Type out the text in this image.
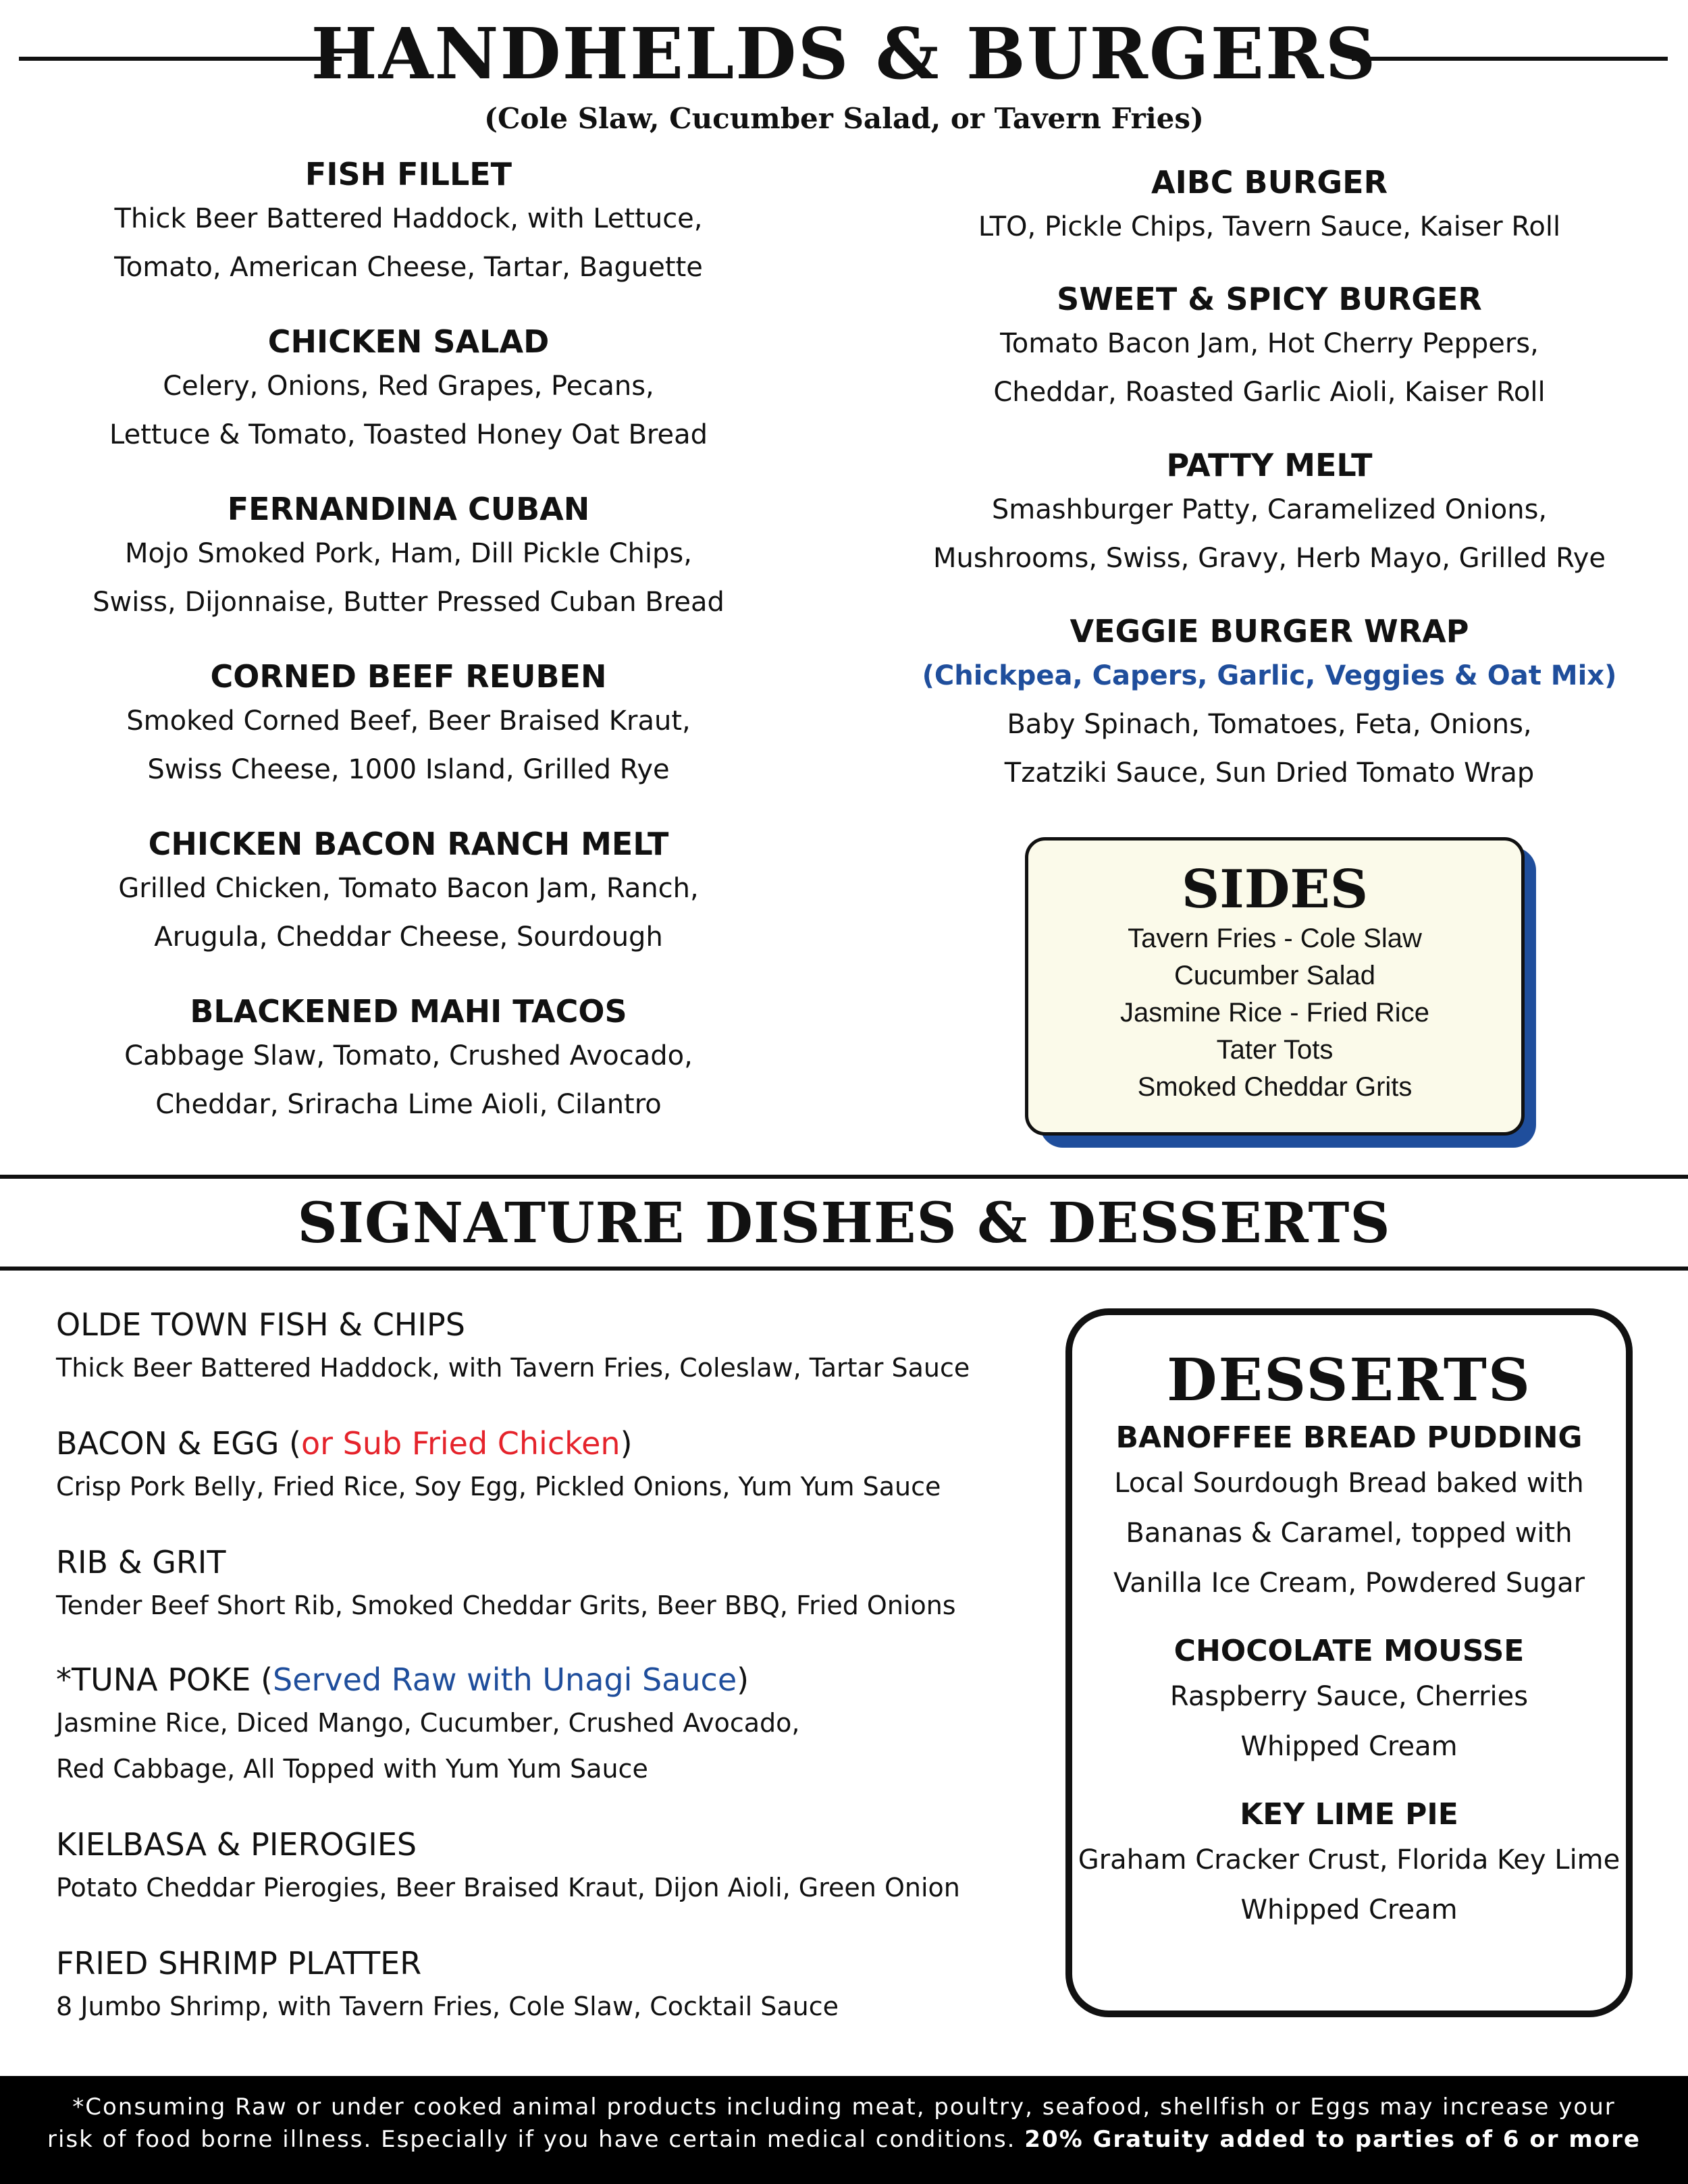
HANDHELDS & BURGERS
(Cole Slaw, Cucumber Salad, or Tavern Fries)
FISH FILLET
Thick Beer Battered Haddock, with Lettuce,
Tomato, American Cheese, Tartar, Baguette
CHICKEN SALAD
Celery, Onions, Red Grapes, Pecans,
Lettuce & Tomato, Toasted Honey Oat Bread
FERNANDINA CUBAN
Mojo Smoked Pork, Ham, Dill Pickle Chips,
Swiss, Dijonnaise, Butter Pressed Cuban Bread
CORNED BEEF REUBEN
Smoked Corned Beef, Beer Braised Kraut,
Swiss Cheese, 1000 Island, Grilled Rye
CHICKEN BACON RANCH MELT
Grilled Chicken, Tomato Bacon Jam, Ranch,
Arugula, Cheddar Cheese, Sourdough
BLACKENED MAHI TACOS
Cabbage Slaw, Tomato, Crushed Avocado,
Cheddar, Sriracha Lime Aioli, Cilantro
AIBC BURGER
LTO, Pickle Chips, Tavern Sauce, Kaiser Roll
SWEET & SPICY BURGER
Tomato Bacon Jam, Hot Cherry Peppers,
Cheddar, Roasted Garlic Aioli, Kaiser Roll
PATTY MELT
Smashburger Patty, Caramelized Onions,
Mushrooms, Swiss, Gravy, Herb Mayo, Grilled Rye
VEGGIE BURGER WRAP
(Chickpea, Capers, Garlic, Veggies & Oat Mix)
Baby Spinach, Tomatoes, Feta, Onions,
Tzatziki Sauce, Sun Dried Tomato Wrap
SIDES
Tavern Fries - Cole Slaw
Cucumber Salad
Jasmine Rice - Fried Rice
Tater Tots
Smoked Cheddar Grits
SIGNATURE DISHES & DESSERTS
OLDE TOWN FISH & CHIPS
Thick Beer Battered Haddock, with Tavern Fries, Coleslaw, Tartar Sauce
BACON & EGG (or Sub Fried Chicken)
Crisp Pork Belly, Fried Rice, Soy Egg, Pickled Onions, Yum Yum Sauce
RIB & GRIT
Tender Beef Short Rib, Smoked Cheddar Grits, Beer BBQ, Fried Onions
*TUNA POKE (Served Raw with Unagi Sauce)
Jasmine Rice, Diced Mango, Cucumber, Crushed Avocado,
Red Cabbage, All Topped with Yum Yum Sauce
KIELBASA & PIEROGIES
Potato Cheddar Pierogies, Beer Braised Kraut, Dijon Aioli, Green Onion
FRIED SHRIMP PLATTER
8 Jumbo Shrimp, with Tavern Fries, Cole Slaw, Cocktail Sauce
DESSERTS
BANOFFEE BREAD PUDDING
Local Sourdough Bread baked with
Bananas & Caramel, topped with
Vanilla Ice Cream, Powdered Sugar
CHOCOLATE MOUSSE
Raspberry Sauce, Cherries
Whipped Cream
KEY LIME PIE
Graham Cracker Crust, Florida Key Lime
Whipped Cream
*Consuming Raw or under cooked animal products including meat, poultry, seafood, shellfish or Eggs may increase your
risk of food borne illness. Especially if you have certain medical conditions. 20% Gratuity added to parties of 6 or more
